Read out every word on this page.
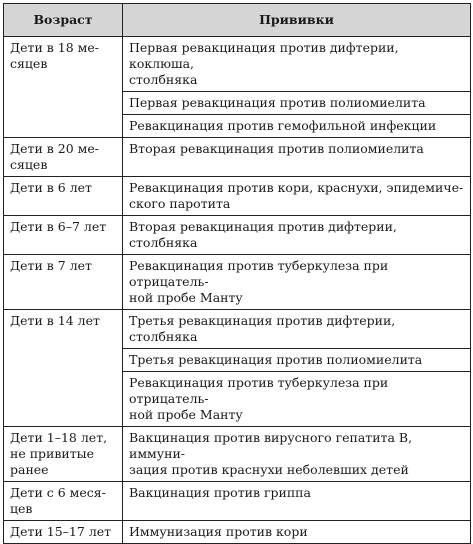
Возраст	Прививки

Дети в 18 ме-
сяцев	Первая ревакцинация против дифтерии, коклюша,
столбняка

	Первая ревакцинация против полиомиелита

	Ревакцинация против гемофильной инфекции

Дети в 20 ме-
сяцев	Вторая ревакцинация против полиомиелита

Дети в 6 лет	Ревакцинация против кори, краснухи, эпидемиче-
ского паротита

Дети в 6–7 лет	Вторая ревакцинация против дифтерии, столбняка

Дети в 7 лет	Ревакцинация против туберкулеза при отрицатель-
ной пробе Манту

Дети в 14 лет	Третья ревакцинация против дифтерии, столбняка

	Третья ревакцинация против полиомиелита

	Ревакцинация против туберкулеза при отрицатель-
ной пробе Манту

Дети 1–18 лет,
не привитые
ранее	Вакцинация против вирусного гепатита В, иммуни-
зация против краснухи неболевших детей

Дети с 6 меся-
цев	Вакцинация против гриппа

Дети 15–17 лет	Иммунизация против кори
